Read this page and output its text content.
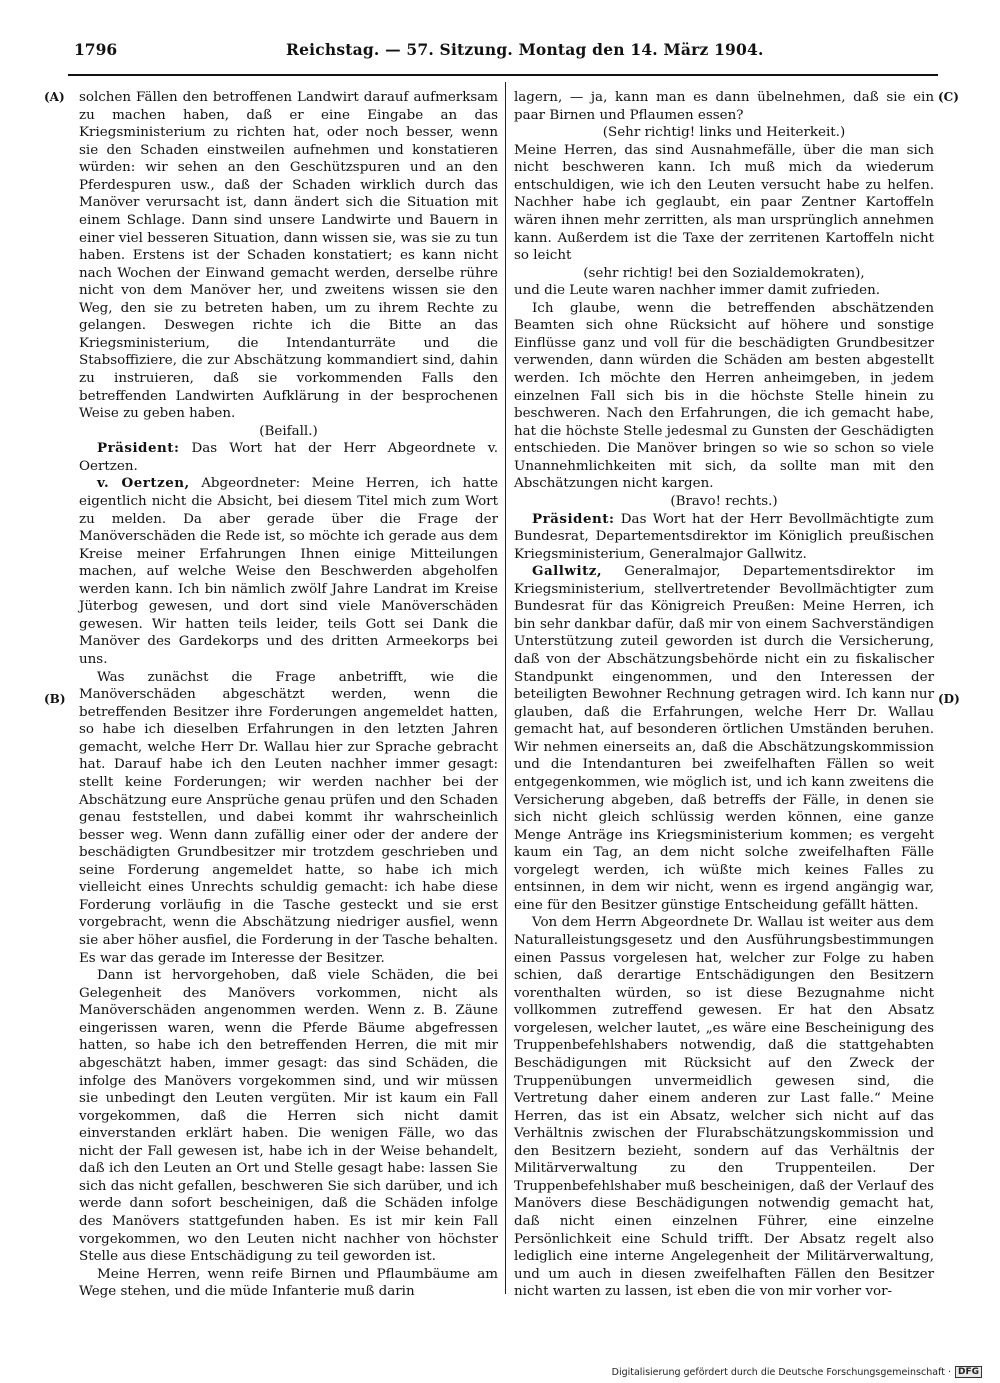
1796	Reichstag. — 57. Sitzung. Montag den 14. März 1904.
(A)
(B)
(C)
(D)

solchen Fällen den betroffenen Landwirt darauf aufmerksam zu machen haben, daß er eine Eingabe an das Kriegsministerium zu richten hat, oder noch besser, wenn sie den Schaden einstweilen aufnehmen und konstatieren würden: wir sehen an den Geschützspuren und an den Pferdespuren usw., daß der Schaden wirklich durch das Manöver verursacht ist, dann ändert sich die Situation mit einem Schlage. Dann sind unsere Landwirte und Bauern in einer viel besseren Situation, dann wissen sie, was sie zu tun haben. Erstens ist der Schaden konstatiert; es kann nicht nach Wochen der Einwand gemacht werden, derselbe rühre nicht von dem Manöver her, und zweitens wissen sie den Weg, den sie zu betreten haben, um zu ihrem Rechte zu gelangen. Deswegen richte ich die Bitte an das Kriegsministerium, die Intendanturräte und die Stabsoffiziere, die zur Abschätzung kommandiert sind, dahin zu instruieren, daß sie vorkommenden Falls den betreffenden Landwirten Aufklärung in der besprochenen Weise zu geben haben.

(Beifall.)

Präsident: Das Wort hat der Herr Abgeordnete v. Oertzen.

v. Oertzen, Abgeordneter: Meine Herren, ich hatte eigentlich nicht die Absicht, bei diesem Titel mich zum Wort zu melden. Da aber gerade über die Frage der Manöverschäden die Rede ist, so möchte ich gerade aus dem Kreise meiner Erfahrungen Ihnen einige Mitteilungen machen, auf welche Weise den Beschwerden abgeholfen werden kann. Ich bin nämlich zwölf Jahre Landrat im Kreise Jüterbog gewesen, und dort sind viele Manöverschäden gewesen. Wir hatten teils leider, teils Gott sei Dank die Manöver des Gardekorps und des dritten Armeekorps bei uns.

Was zunächst die Frage anbetrifft, wie die Manöverschäden abgeschätzt werden, wenn die betreffenden Besitzer ihre Forderungen angemeldet hatten, so habe ich dieselben Erfahrungen in den letzten Jahren gemacht, welche Herr Dr. Wallau hier zur Sprache gebracht hat. Darauf habe ich den Leuten nachher immer gesagt: stellt keine Forderungen; wir werden nachher bei der Abschätzung eure Ansprüche genau prüfen und den Schaden genau feststellen, und dabei kommt ihr wahrscheinlich besser weg. Wenn dann zufällig einer oder der andere der beschädigten Grundbesitzer mir trotzdem geschrieben und seine Forderung angemeldet hatte, so habe ich mich vielleicht eines Unrechts schuldig gemacht: ich habe diese Forderung vorläufig in die Tasche gesteckt und sie erst vorgebracht, wenn die Abschätzung niedriger ausfiel, wenn sie aber höher ausfiel, die Forderung in der Tasche behalten. Es war das gerade im Interesse der Besitzer.

Dann ist hervorgehoben, daß viele Schäden, die bei Gelegenheit des Manövers vorkommen, nicht als Manöverschäden angenommen werden. Wenn z. B. Zäune eingerissen waren, wenn die Pferde Bäume abgefressen hatten, so habe ich den betreffenden Herren, die mit mir abgeschätzt haben, immer gesagt: das sind Schäden, die infolge des Manövers vorgekommen sind, und wir müssen sie unbedingt den Leuten vergüten. Mir ist kaum ein Fall vorgekommen, daß die Herren sich nicht damit einverstanden erklärt haben. Die wenigen Fälle, wo das nicht der Fall gewesen ist, habe ich in der Weise behandelt, daß ich den Leuten an Ort und Stelle gesagt habe: lassen Sie sich das nicht gefallen, beschweren Sie sich darüber, und ich werde dann sofort bescheinigen, daß die Schäden infolge des Manövers stattgefunden haben. Es ist mir kein Fall vorgekommen, wo den Leuten nicht nachher von höchster Stelle aus diese Entschädigung zu teil geworden ist.

Meine Herren, wenn reife Birnen und Pflaumbäume am Wege stehen, und die müde Infanterie muß darin

lagern, — ja, kann man es dann übelnehmen, daß sie ein paar Birnen und Pflaumen essen?

(Sehr richtig! links und Heiterkeit.)

Meine Herren, das sind Ausnahmefälle, über die man sich nicht beschweren kann. Ich muß mich da wiederum entschuldigen, wie ich den Leuten versucht habe zu helfen. Nachher habe ich geglaubt, ein paar Zentner Kartoffeln wären ihnen mehr zerritten, als man ursprünglich annehmen kann. Außerdem ist die Taxe der zerritenen Kartoffeln nicht so leicht

(sehr richtig! bei den Sozialdemokraten),

und die Leute waren nachher immer damit zufrieden.

Ich glaube, wenn die betreffenden abschätzenden Beamten sich ohne Rücksicht auf höhere und sonstige Einflüsse ganz und voll für die beschädigten Grundbesitzer verwenden, dann würden die Schäden am besten abgestellt werden. Ich möchte den Herren anheimgeben, in jedem einzelnen Fall sich bis in die höchste Stelle hinein zu beschweren. Nach den Erfahrungen, die ich gemacht habe, hat die höchste Stelle jedesmal zu Gunsten der Geschädigten entschieden. Die Manöver bringen so wie so schon so viele Unannehmlichkeiten mit sich, da sollte man mit den Abschätzungen nicht kargen.

(Bravo! rechts.)

Präsident: Das Wort hat der Herr Bevollmächtigte zum Bundesrat, Departementsdirektor im Königlich preußischen Kriegsministerium, Generalmajor Gallwitz.

Gallwitz, Generalmajor, Departementsdirektor im Kriegsministerium, stellvertretender Bevollmächtigter zum Bundesrat für das Königreich Preußen: Meine Herren, ich bin sehr dankbar dafür, daß mir von einem Sachverständigen Unterstützung zuteil geworden ist durch die Versicherung, daß von der Abschätzungsbehörde nicht ein zu fiskalischer Standpunkt eingenommen, und den Interessen der beteiligten Bewohner Rechnung getragen wird. Ich kann nur glauben, daß die Erfahrungen, welche Herr Dr. Wallau gemacht hat, auf besonderen örtlichen Umständen beruhen. Wir nehmen einerseits an, daß die Abschätzungskommission und die Intendanturen bei zweifelhaften Fällen so weit entgegenkommen, wie möglich ist, und ich kann zweitens die Versicherung abgeben, daß betreffs der Fälle, in denen sie sich nicht gleich schlüssig werden können, eine ganze Menge Anträge ins Kriegsministerium kommen; es vergeht kaum ein Tag, an dem nicht solche zweifelhaften Fälle vorgelegt werden, ich wüßte mich keines Falles zu entsinnen, in dem wir nicht, wenn es irgend angängig war, eine für den Besitzer günstige Entscheidung gefällt hätten.

Von dem Herrn Abgeordnete Dr. Wallau ist weiter aus dem Naturalleistungsgesetz und den Ausführungsbestimmungen einen Passus vorgelesen hat, welcher zur Folge zu haben schien, daß derartige Entschädigungen den Besitzern vorenthalten würden, so ist diese Bezugnahme nicht vollkommen zutreffend gewesen. Er hat den Absatz vorgelesen, welcher lautet, „es wäre eine Bescheinigung des Truppenbefehlshabers notwendig, daß die stattgehabten Beschädigungen mit Rücksicht auf den Zweck der Truppenübungen unvermeidlich gewesen sind, die Vertretung daher einem anderen zur Last falle.“ Meine Herren, das ist ein Absatz, welcher sich nicht auf das Verhältnis zwischen der Flurabschätzungskommission und den Besitzern bezieht, sondern auf das Verhältnis der Militärverwaltung zu den Truppenteilen. Der Truppenbefehlshaber muß bescheinigen, daß der Verlauf des Manövers diese Beschädigungen notwendig gemacht hat, daß nicht einen einzelnen Führer, eine einzelne Persönlichkeit eine Schuld trifft. Der Absatz regelt also lediglich eine interne Angelegenheit der Militärverwaltung, und um auch in diesen zweifelhaften Fällen den Besitzer nicht warten zu lassen, ist eben die von mir vorher vor-

Digitalisierung gefördert durch die Deutsche Forschungsgemeinschaft · DFG
